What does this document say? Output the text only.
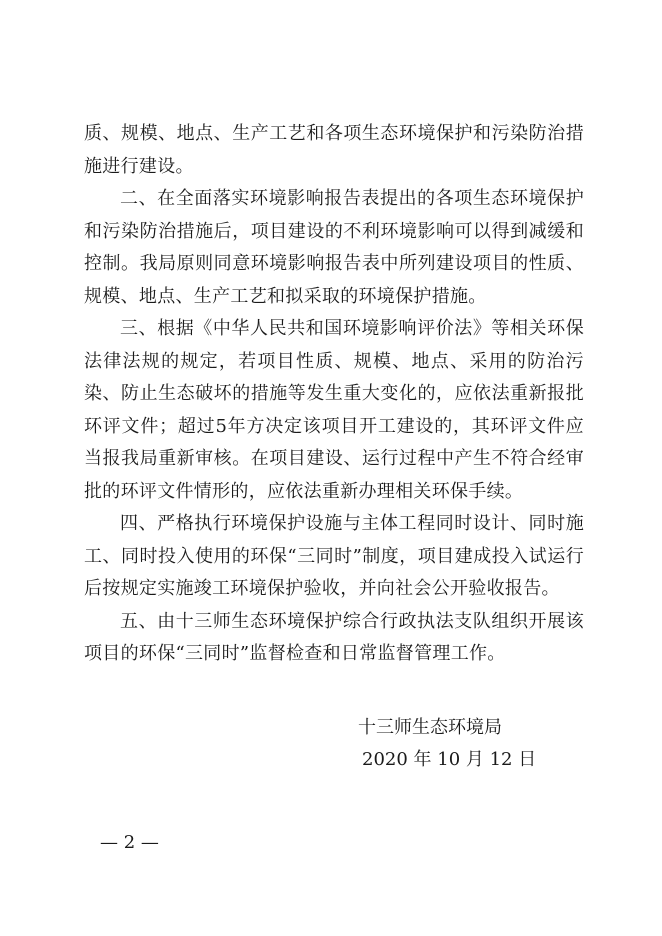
质、规模、地点、生产工艺和各项生态环境保护和污染防治措施进行建设。

二、在全面落实环境影响报告表提出的各项生态环境保护和污染防治措施后，项目建设的不利环境影响可以得到减缓和控制。我局原则同意环境影响报告表中所列建设项目的性质、规模、地点、生产工艺和拟采取的环境保护措施。

三、根据《中华人民共和国环境影响评价法》等相关环保法律法规的规定，若项目性质、规模、地点、采用的防治污染、防止生态破坏的措施等发生重大变化的，应依法重新报批环评文件；超过5年方决定该项目开工建设的，其环评文件应当报我局重新审核。在项目建设、运行过程中产生不符合经审批的环评文件情形的，应依法重新办理相关环保手续。

四、严格执行环境保护设施与主体工程同时设计、同时施工、同时投入使用的环保“三同时”制度，项目建成投入试运行后按规定实施竣工环境保护验收，并向社会公开验收报告。

五、由十三师生态环境保护综合行政执法支队组织开展该项目的环保“三同时”监督检查和日常监督管理工作。

十三师生态环境局
2020 年 10 月 12 日
— 2 —
